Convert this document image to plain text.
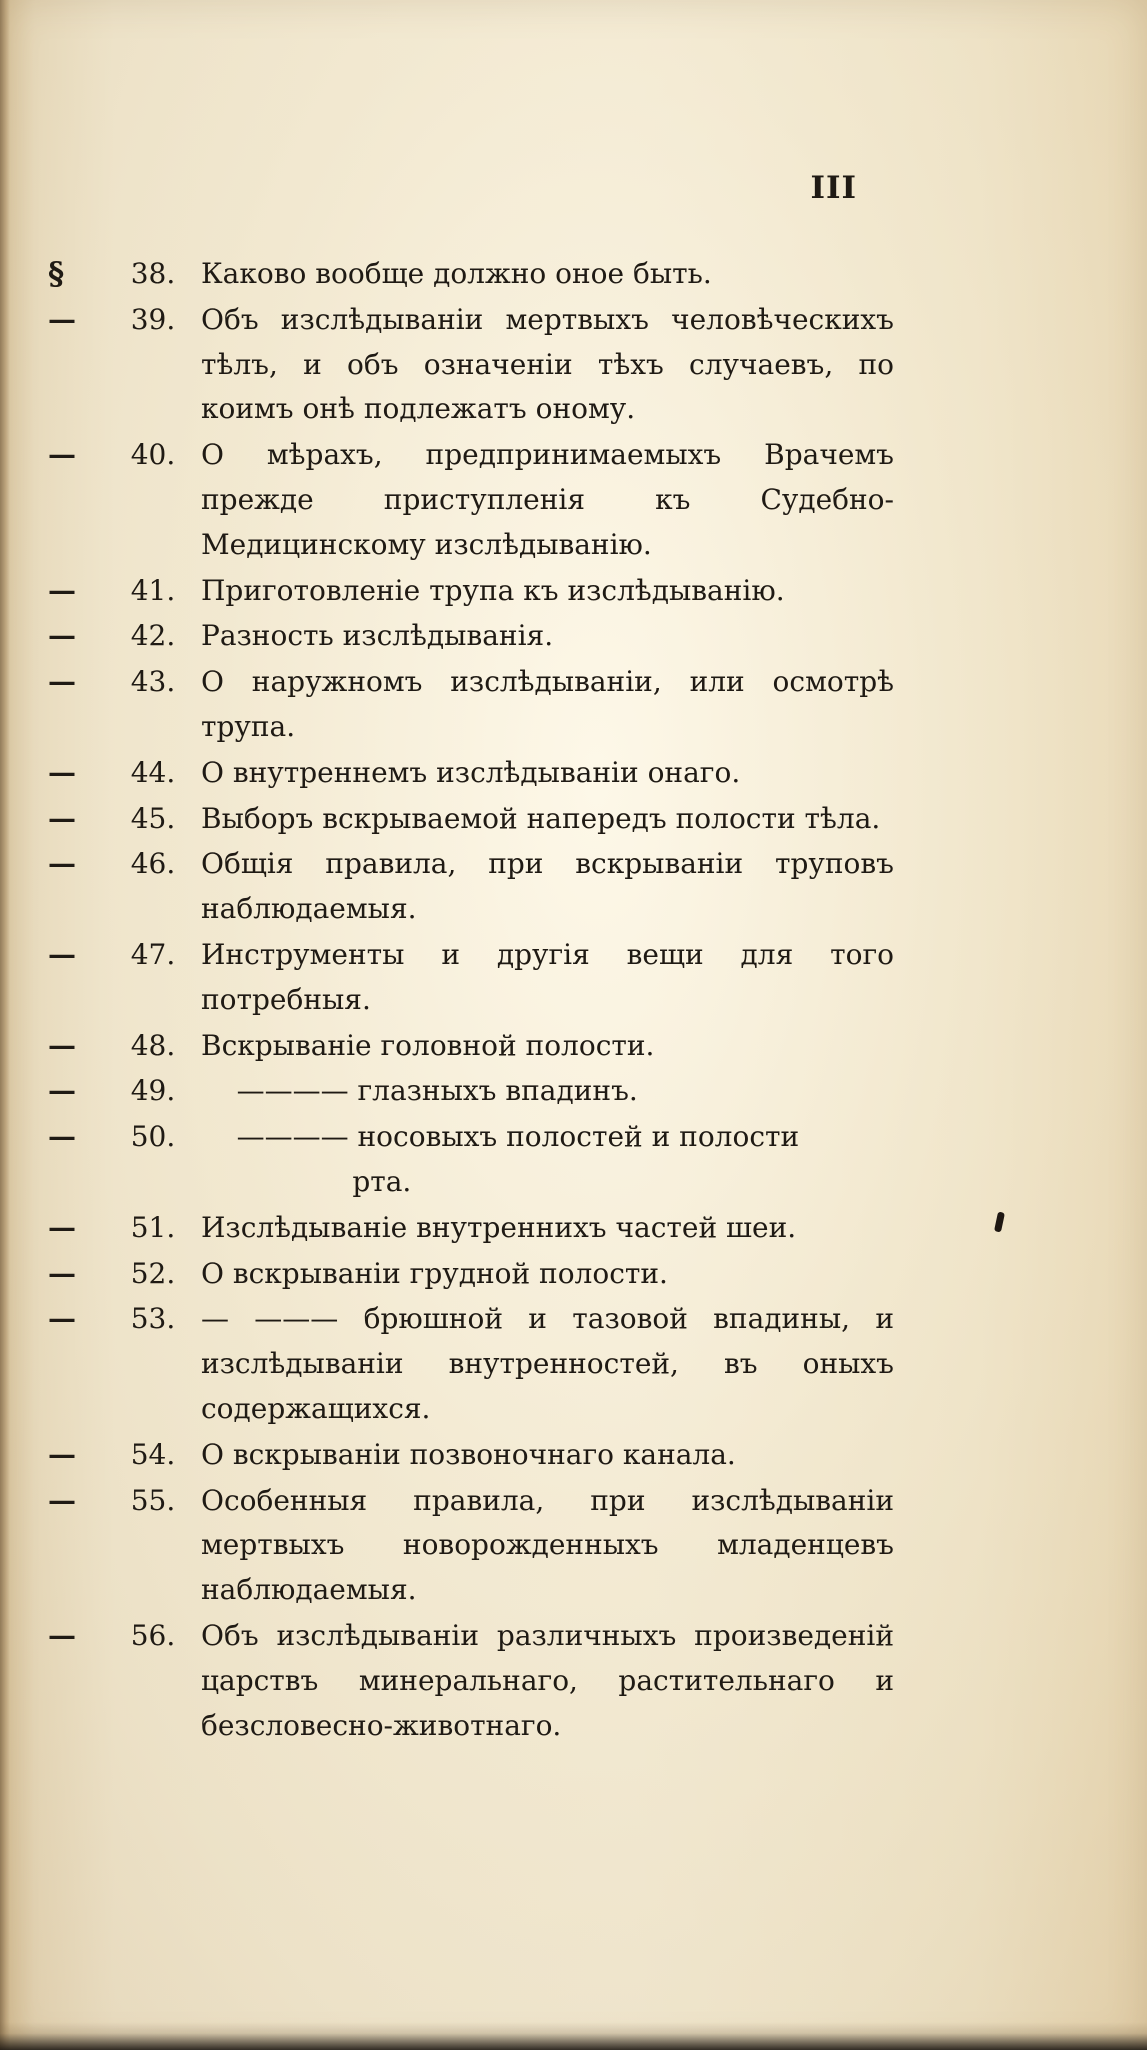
III
§	38. Каково вообще должно оное быть.
—	39. Объ изслѣдыванiи мертвыхъ человѣческихъ тѣлъ, и объ означенiи тѣхъ случаевъ, по коимъ онѣ подлежатъ оному.
—	40. О мѣрахъ, предпринимаемыхъ Врачемъ прежде приступленiя къ Судебно-Медицинскому изслѣдыванiю.
—	41. Приготовленiе трупа къ изслѣдыванiю.
—	42. Разность изслѣдыванiя.
—	43. О наружномъ изслѣдыванiи, или осмотрѣ трупа.
—	44. О внутреннемъ изслѣдыванiи онаго.
—	45. Выборъ вскрываемой напередъ полости тѣла.
—	46. Общiя правила, при вскрыванiи труповъ наблюдаемыя.
—	47. Инструменты и другiя вещи для того потребныя.
—	48. Вскрыванiе головной полости.
—	49. ———— глазныхъ впадинъ.
—	50.	———— носовыхъ полостей и полости
рта.
—	51. Изслѣдыванiе внутреннихъ частей шеи.
—	52. О вскрыванiи грудной полости.
—	53. — ——— брюшной и тазовой впадины, и изслѣдыванiи внутренностей, въ оныхъ содержащихся.
—	54. О вскрыванiи позвоночнаго канала.
—	55. Особенныя правила, при изслѣдыванiи мертвыхъ новорожденныхъ младенцевъ наблюдаемыя.
—	56. Объ изслѣдыванiи различныхъ произведенiй царствъ минеральнаго, растительнаго и безсловесно-животнаго.
